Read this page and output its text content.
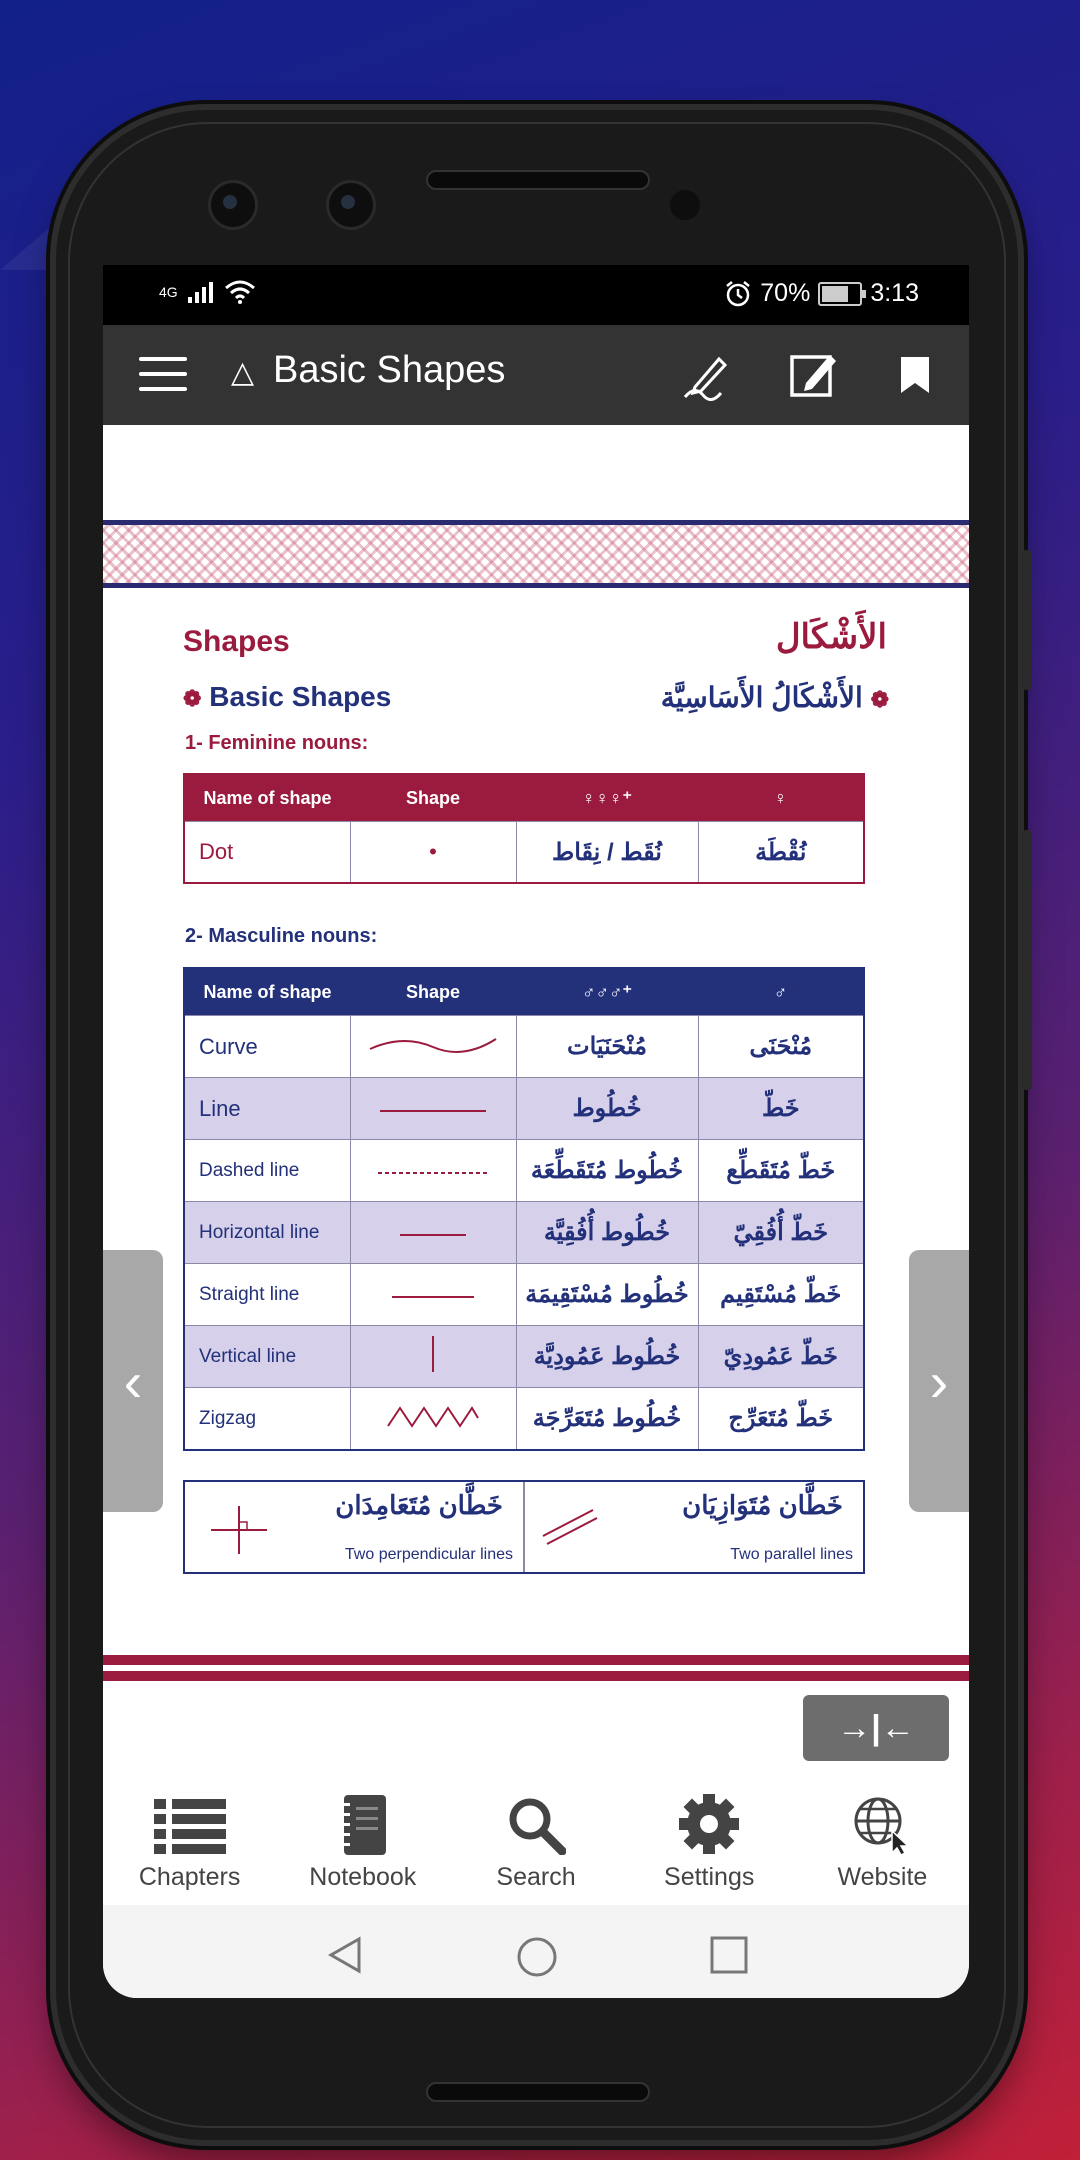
4G	70% 3:13
△ Basic Shapes
Shapes	الأَشْكَال
❁ Basic Shapes	❁ الأَشْكَالُ الأَسَاسِيَّة
1- Feminine nouns:
Name of shape	Shape	♀♀♀⁺	♀
Dot	•	نُقَط / نِقَاط	نُقْطَة
2- Masculine nouns:
Name of shape	Shape	♂♂♂⁺	♂
Curve		مُنْحَنَيَات	مُنْحَنَى
Line		خُطُوط	خَطّ
Dashed line		خُطُوط مُتَقَطِّعَة	خَطّ مُتَقَطِّع
Horizontal line		خُطُوط أُفُقِيَّة	خَطّ أُفُقِيّ
Straight line		خُطُوط مُسْتَقِيمَة	خَطّ مُسْتَقِيم
Vertical line		خُطُوط عَمُودِيَّة	خَطّ عَمُودِيّ
Zigzag		خُطُوط مُتَعَرِّجَة	خَطّ مُتَعَرِّج
خَطَّان مُتَعَامِدَان
Two perpendicular lines
خَطَّان مُتَوَازِيَان
Two parallel lines
‹	›
→|←
Chapters	Notebook	Search	Settings	Website
